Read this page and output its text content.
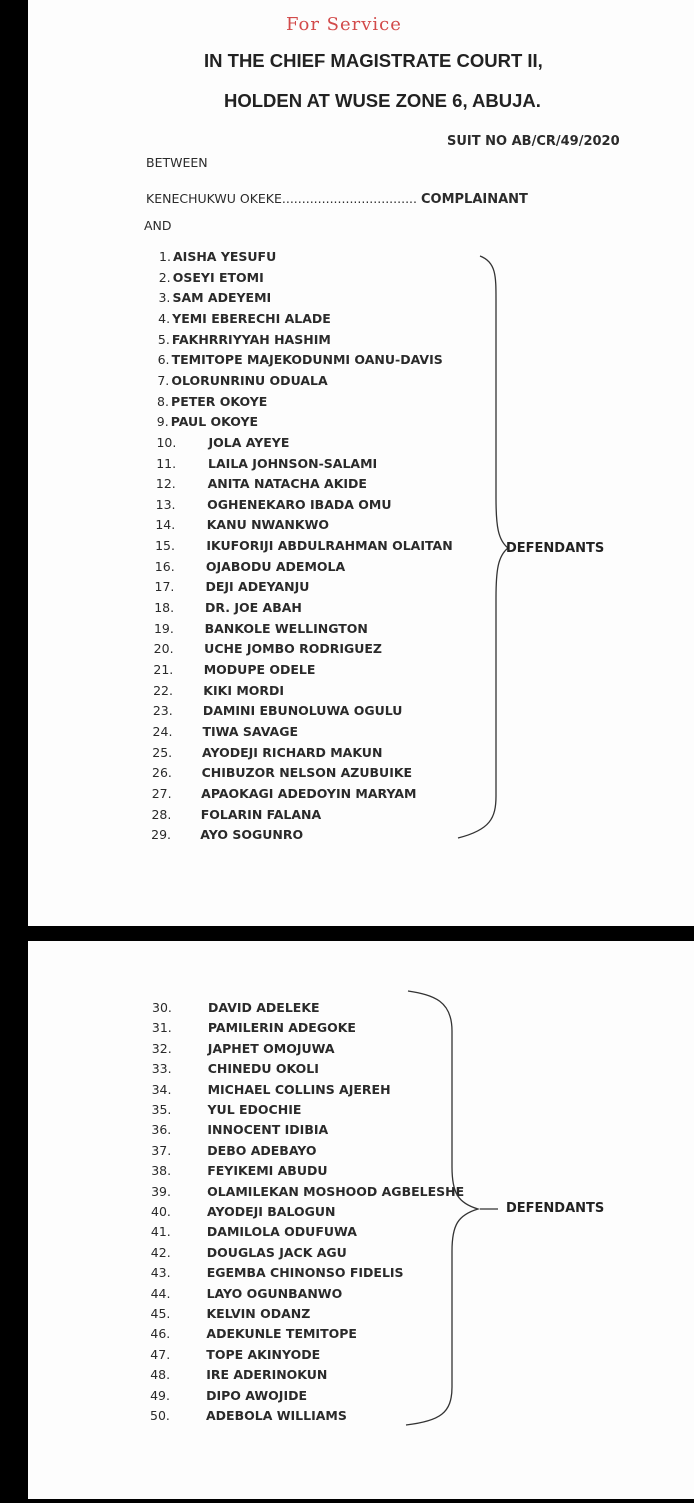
For Service
IN THE CHIEF MAGISTRATE COURT II,
HOLDEN AT WUSE ZONE 6, ABUJA.
SUIT NO AB/CR/49/2020
BETWEEN
KENECHUKWU OKEKE.................................. COMPLAINANT
AND
1. AISHA YESUFU
2. OSEYI ETOMI
3. SAM ADEYEMI
4. YEMI EBERECHI ALADE
5. FAKHRRIYYAH HASHIM
6. TEMITOPE MAJEKODUNMI OANU-DAVIS
7. OLORUNRINU ODUALA
8. PETER OKOYE
9. PAUL OKOYE
10.	JOLA AYEYE
11.	LAILA JOHNSON-SALAMI
12.	ANITA NATACHA AKIDE
13.	OGHENEKARO IBADA OMU
14.	KANU NWANKWO
15.	IKUFORIJI ABDULRAHMAN OLAITAN
16. OJABODU ADEMOLA
17. DEJI ADEYANJU
18. DR. JOE ABAH
19. BANKOLE WELLINGTON
20. UCHE JOMBO RODRIGUEZ
21. MODUPE ODELE
22. KIKI MORDI
23. DAMINI EBUNOLUWA OGULU
24. TIWA SAVAGE
25. AYODEJI RICHARD MAKUN
26. CHIBUZOR NELSON AZUBUIKE
27. APAOKAGI ADEDOYIN MARYAM
28. FOLARIN FALANA
29. AYO SOGUNRO
DEFENDANTS
30.	DAVID ADELEKE
31.	PAMILERIN ADEGOKE
32.	JAPHET OMOJUWA
33.	CHINEDU OKOLI
34.	MICHAEL COLLINS AJEREH
35.	YUL EDOCHIE
36.	INNOCENT IDIBIA
37.	DEBO ADEBAYO
38.	FEYIKEMI ABUDU
39.	OLAMILEKAN MOSHOOD AGBELESHE
40.	AYODEJI BALOGUN
41.	DAMILOLA ODUFUWA
42.	DOUGLAS JACK AGU
43.	EGEMBA CHINONSO FIDELIS
44.	LAYO OGUNBANWO
45.	KELVIN ODANZ
46.	ADEKUNLE TEMITOPE
47.	TOPE AKINYODE
48.	IRE ADERINOKUN
49.	DIPO AWOJIDE
50.	ADEBOLA WILLIAMS
DEFENDANTS
